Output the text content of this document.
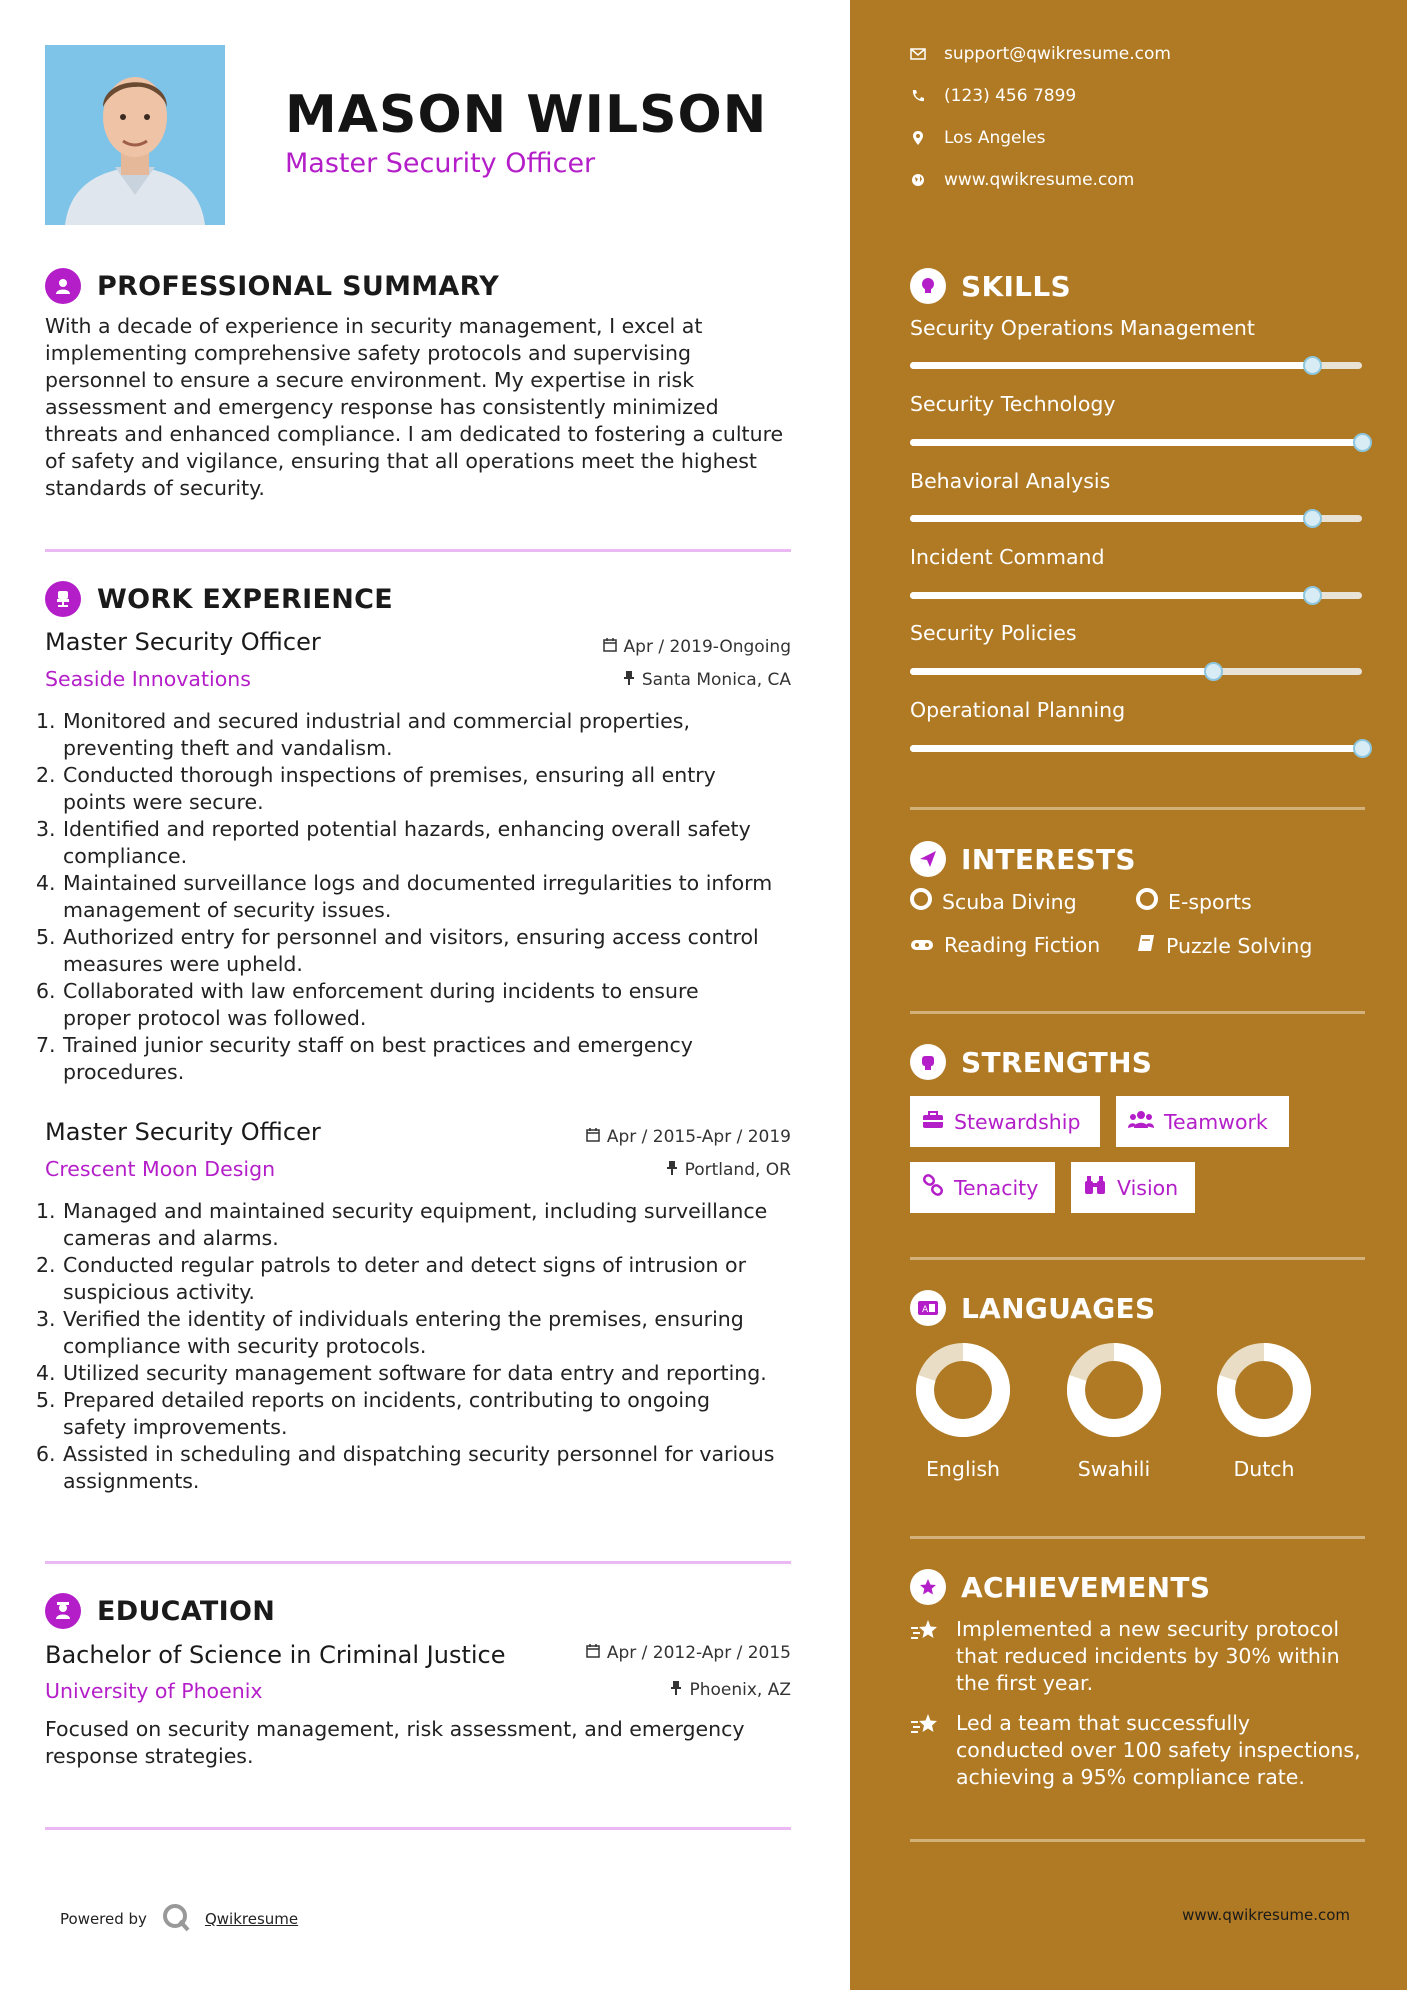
MASON WILSON
Master Security Officer
PROFESSIONAL SUMMARY
With a decade of experience in security management, I excel at implementing comprehensive safety protocols and supervising personnel to ensure a secure environment. My expertise in risk assessment and emergency response has consistently minimized threats and enhanced compliance. I am dedicated to fostering a culture of safety and vigilance, ensuring that all operations meet the highest standards of security.
WORK EXPERIENCE
Master Security Officer	Apr / 2019-Ongoing
Seaside Innovations	Santa Monica, CA
1. Monitored and secured industrial and commercial properties,
preventing theft and vandalism.
2. Conducted thorough inspections of premises, ensuring all entry
points were secure.
3. Identified and reported potential hazards, enhancing overall safety
compliance.
4. Maintained surveillance logs and documented irregularities to inform
management of security issues.
5. Authorized entry for personnel and visitors, ensuring access control
measures were upheld.
6. Collaborated with law enforcement during incidents to ensure
proper protocol was followed.
7. Trained junior security staff on best practices and emergency
procedures.
Master Security Officer	Apr / 2015-Apr / 2019
Crescent Moon Design	Portland, OR
1. Managed and maintained security equipment, including surveillance
cameras and alarms.
2. Conducted regular patrols to deter and detect signs of intrusion or
suspicious activity.
3. Verified the identity of individuals entering the premises, ensuring
compliance with security protocols.
4. Utilized security management software for data entry and reporting.
5. Prepared detailed reports on incidents, contributing to ongoing
safety improvements.
6. Assisted in scheduling and dispatching security personnel for various
assignments.
EDUCATION
Bachelor of Science in Criminal Justice	Apr / 2012-Apr / 2015
University of Phoenix	Phoenix, AZ
Focused on security management, risk assessment, and emergency response strategies.
Powered by	Qwikresume
support@qwikresume.com
(123) 456 7899
Los Angeles
www.qwikresume.com
SKILLS
Security Operations Management
Security Technology
Behavioral Analysis
Incident Command
Security Policies
Operational Planning
INTERESTS
Scuba Diving	E-sports
Reading Fiction	Puzzle Solving
STRENGTHS
Stewardship	Teamwork
Tenacity	Vision
A LANGUAGES
English	Swahili	Dutch
ACHIEVEMENTS
Implemented a new security protocol
that reduced incidents by 30% within
the first year.
Led a team that successfully
conducted over 100 safety inspections,
achieving a 95% compliance rate.
www.qwikresume.com
